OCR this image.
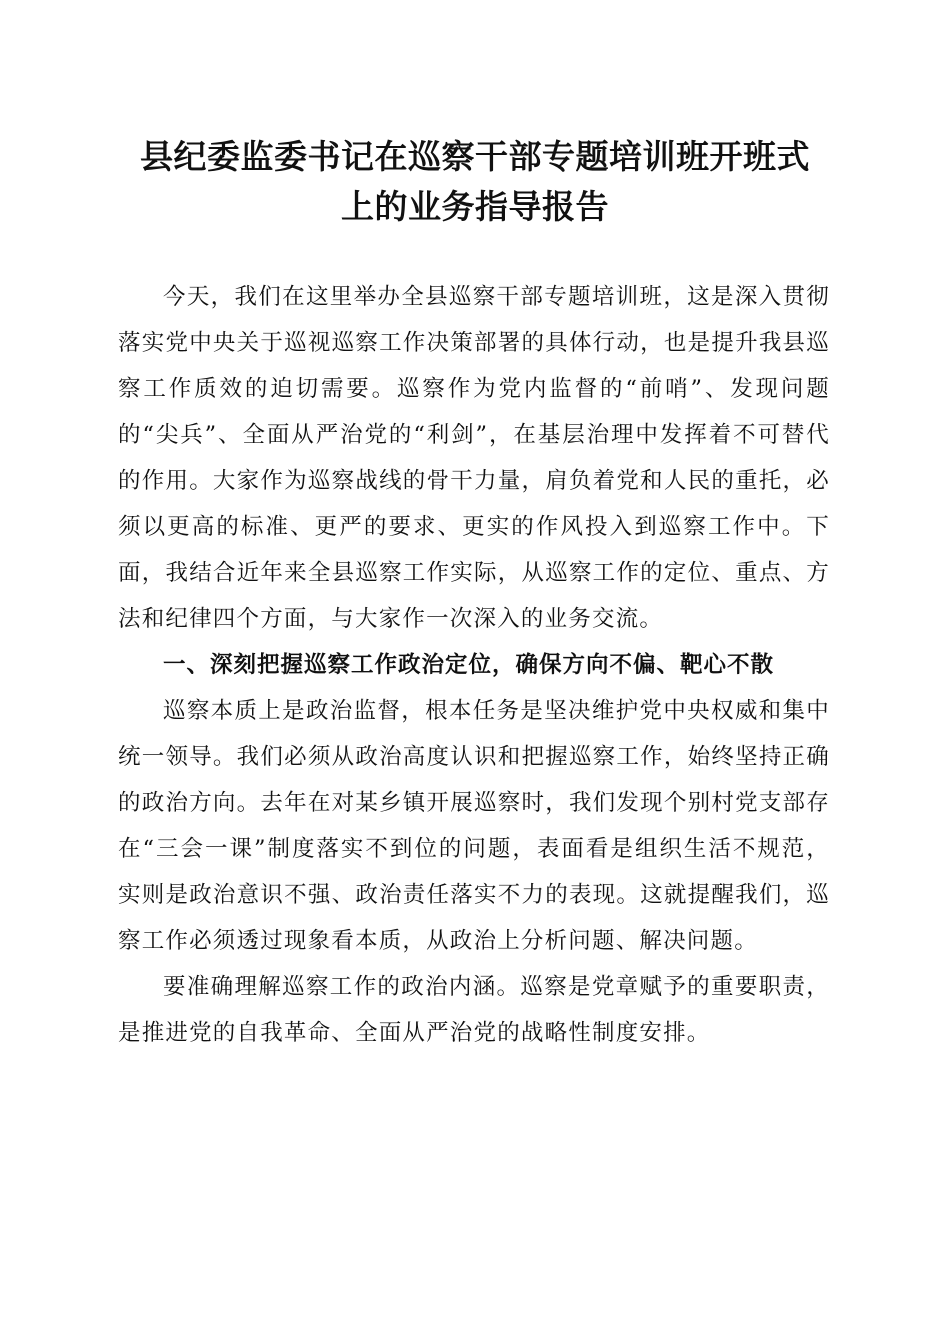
县纪委监委书记在巡察干部专题培训班开班式
上的业务指导报告

今天，我们在这里举办全县巡察干部专题培训班，这是深入贯彻落实党中央关于巡视巡察工作决策部署的具体行动，也是提升我县巡察工作质效的迫切需要。巡察作为党内监督的“前哨”、发现问题的“尖兵”、全面从严治党的“利剑”，在基层治理中发挥着不可替代的作用。大家作为巡察战线的骨干力量，肩负着党和人民的重托，必须以更高的标准、更严的要求、更实的作风投入到巡察工作中。下面，我结合近年来全县巡察工作实际，从巡察工作的定位、重点、方法和纪律四个方面，与大家作一次深入的业务交流。

一、深刻把握巡察工作政治定位，确保方向不偏、靶心不散

巡察本质上是政治监督，根本任务是坚决维护党中央权威和集中统一领导。我们必须从政治高度认识和把握巡察工作，始终坚持正确的政治方向。去年在对某乡镇开展巡察时，我们发现个别村党支部存在“三会一课”制度落实不到位的问题，表面看是组织生活不规范，实则是政治意识不强、政治责任落实不力的表现。这就提醒我们，巡察工作必须透过现象看本质，从政治上分析问题、解决问题。

要准确理解巡察工作的政治内涵。巡察是党章赋予的重要职责，是推进党的自我革命、全面从严治党的战略性制度安排。
